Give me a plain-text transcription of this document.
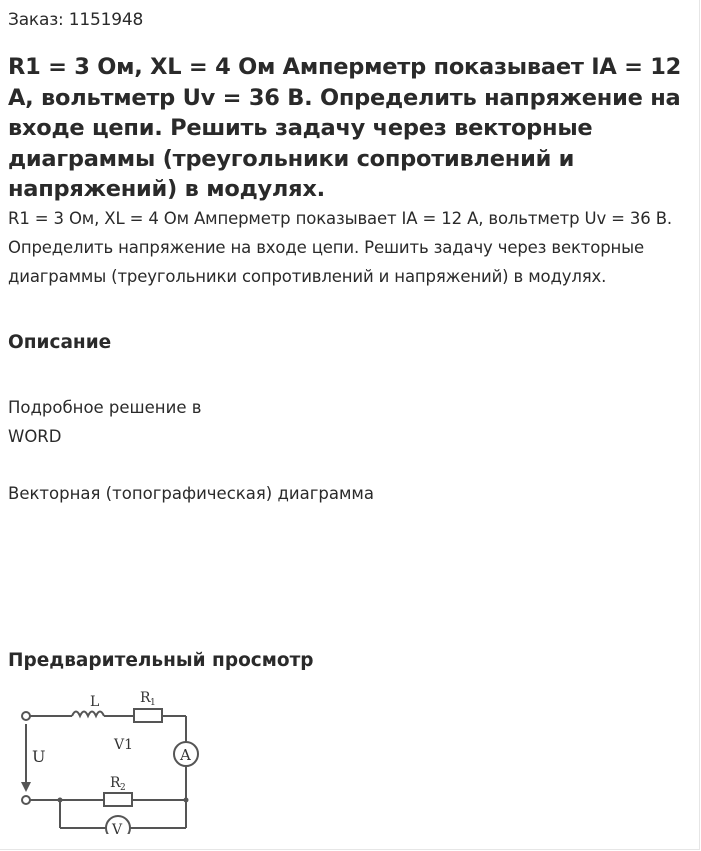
Заказ: 1151948
R1 = 3 Ом, XL = 4 Ом Амперметр показывает IA = 12 А, вольтметр Uv = 36 В. Определить напряжение на входе цепи. Решить задачу через векторные диаграммы (треугольники сопротивлений и напряжений) в модулях.
R1 = 3 Ом, XL = 4 Ом Амперметр показывает IA = 12 А, вольтметр Uv = 36 В. Определить напряжение на входе цепи. Решить задачу через векторные диаграммы (треугольники сопротивлений и напряжений) в модулях.
Описание
Подробное решение в
WORD
Векторная (топографическая) диаграмма
Предварительный просмотр
L	R 1
R 2
U
V1
A
V
